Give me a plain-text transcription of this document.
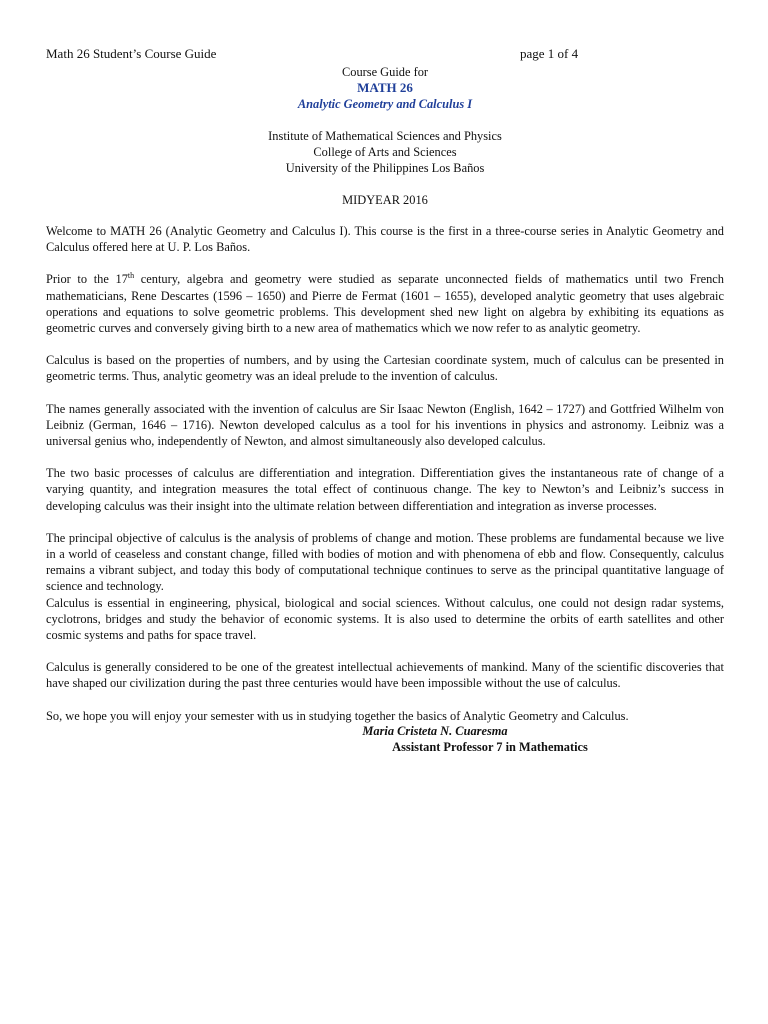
Math 26 Student’s Course Guide	page 1 of 4
Course Guide for
MATH 26
Analytic Geometry and Calculus I
Institute of Mathematical Sciences and Physics
College of Arts and Sciences
University of the Philippines Los Baños
MIDYEAR 2016

Welcome to MATH 26 (Analytic Geometry and Calculus I). This course is the first in a three-course series in Analytic Geometry and Calculus offered here at U. P. Los Baños.

Prior to the 17th century, algebra and geometry were studied as separate unconnected fields of mathematics until two French mathematicians, Rene Descartes (1596 – 1650) and Pierre de Fermat (1601 – 1655), developed analytic geometry that uses algebraic operations and equations to solve geometric problems. This development shed new light on algebra by exhibiting its equations as geometric curves and conversely giving birth to a new area of mathematics which we now refer to as analytic geometry.

Calculus is based on the properties of numbers, and by using the Cartesian coordinate system, much of calculus can be presented in geometric terms. Thus, analytic geometry was an ideal prelude to the invention of calculus.

The names generally associated with the invention of calculus are Sir Isaac Newton (English, 1642 – 1727) and Gottfried Wilhelm von Leibniz (German, 1646 – 1716). Newton developed calculus as a tool for his inventions in physics and astronomy. Leibniz was a universal genius who, independently of Newton, and almost simultaneously also developed calculus.

The two basic processes of calculus are differentiation and integration. Differentiation gives the instantaneous rate of change of a varying quantity, and integration measures the total effect of continuous change. The key to Newton’s and Leibniz’s success in developing calculus was their insight into the ultimate relation between differentiation and integration as inverse processes.

The principal objective of calculus is the analysis of problems of change and motion. These problems are fundamental because we live in a world of ceaseless and constant change, filled with bodies of motion and with phenomena of ebb and flow. Consequently, calculus remains a vibrant subject, and today this body of computational technique continues to serve as the principal quantitative language of science and technology.

Calculus is essential in engineering, physical, biological and social sciences. Without calculus, one could not design radar systems, cyclotrons, bridges and study the behavior of economic systems. It is also used to determine the orbits of earth satellites and other cosmic systems and paths for space travel.

Calculus is generally considered to be one of the greatest intellectual achievements of mankind. Many of the scientific discoveries that have shaped our civilization during the past three centuries would have been impossible without the use of calculus.

So, we hope you will enjoy your semester with us in studying together the basics of Analytic Geometry and Calculus.

Maria Cristeta N. Cuaresma
Assistant Professor 7 in Mathematics
